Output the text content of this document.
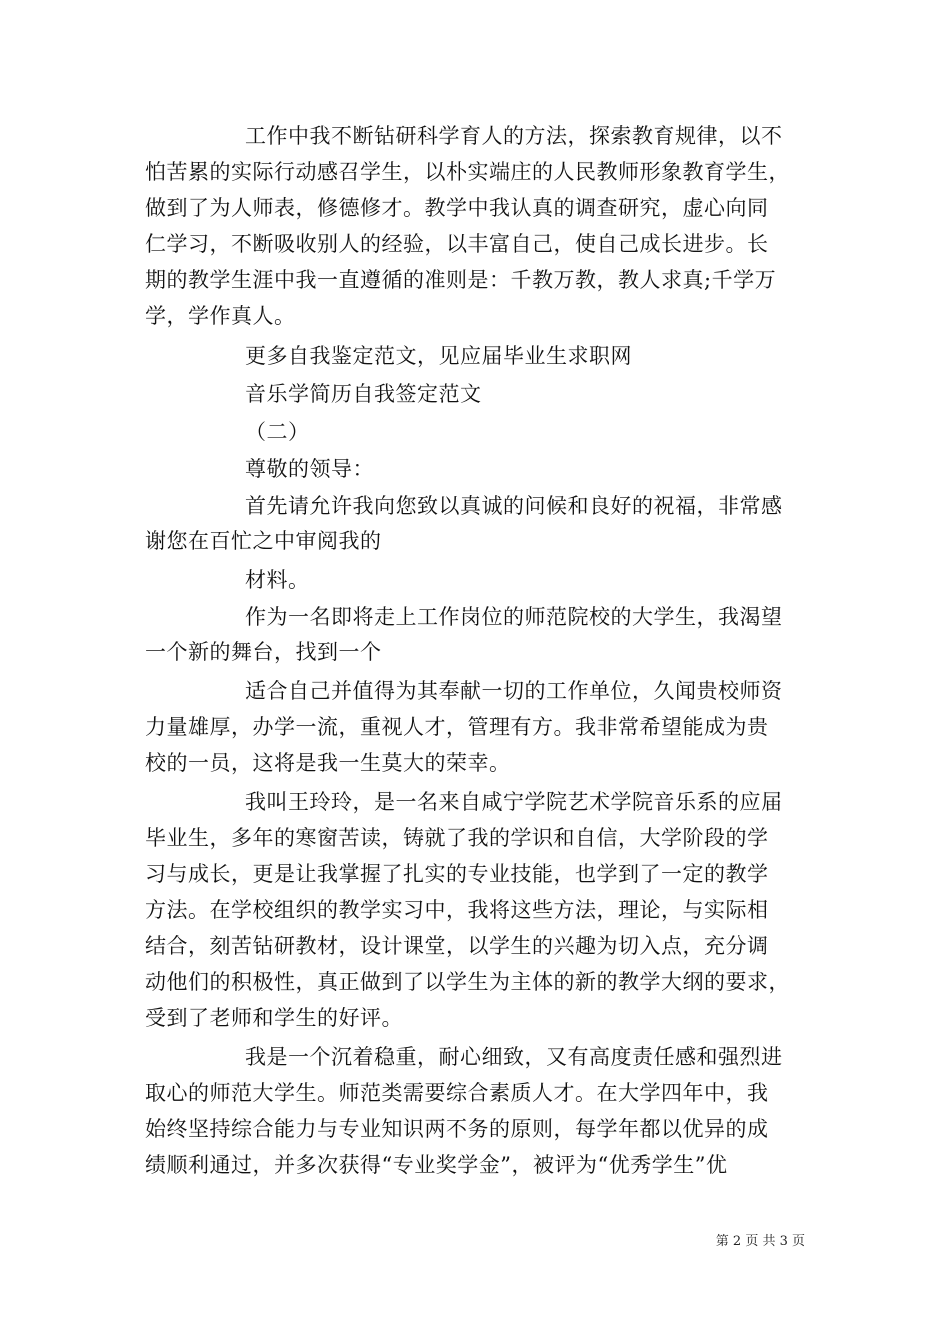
工作中我不断钻研科学育人的方法，探索教育规律，以不
怕苦累的实际行动感召学生，以朴实端庄的人民教师形象教育学生，
做到了为人师表，修德修才。教学中我认真的调查研究，虚心向同
仁学习，不断吸收别人的经验，以丰富自己，使自己成长进步。长
期的教学生涯中我一直遵循的准则是：千教万教，教人求真;千学万
学，学作真人。
更多自我鉴定范文，见应届毕业生求职网
音乐学简历自我签定范文
（二）
尊敬的领导：
首先请允许我向您致以真诚的问候和良好的祝福，非常感
谢您在百忙之中审阅我的
材料。
作为一名即将走上工作岗位的师范院校的大学生，我渴望
一个新的舞台，找到一个
适合自己并值得为其奉献一切的工作单位，久闻贵校师资
力量雄厚，办学一流，重视人才，管理有方。我非常希望能成为贵
校的一员，这将是我一生莫大的荣幸。
我叫王玲玲，是一名来自咸宁学院艺术学院音乐系的应届
毕业生，多年的寒窗苦读，铸就了我的学识和自信，大学阶段的学
习与成长，更是让我掌握了扎实的专业技能，也学到了一定的教学
方法。在学校组织的教学实习中，我将这些方法，理论，与实际相
结合，刻苦钻研教材，设计课堂，以学生的兴趣为切入点，充分调
动他们的积极性，真正做到了以学生为主体的新的教学大纲的要求，
受到了老师和学生的好评。
我是一个沉着稳重，耐心细致，又有高度责任感和强烈进
取心的师范大学生。师范类需要综合素质人才。在大学四年中，我
始终坚持综合能力与专业知识两不务的原则，每学年都以优异的成
绩顺利通过，并多次获得“专业奖学金”，被评为“优秀学生”优
第 2 页 共 3 页
